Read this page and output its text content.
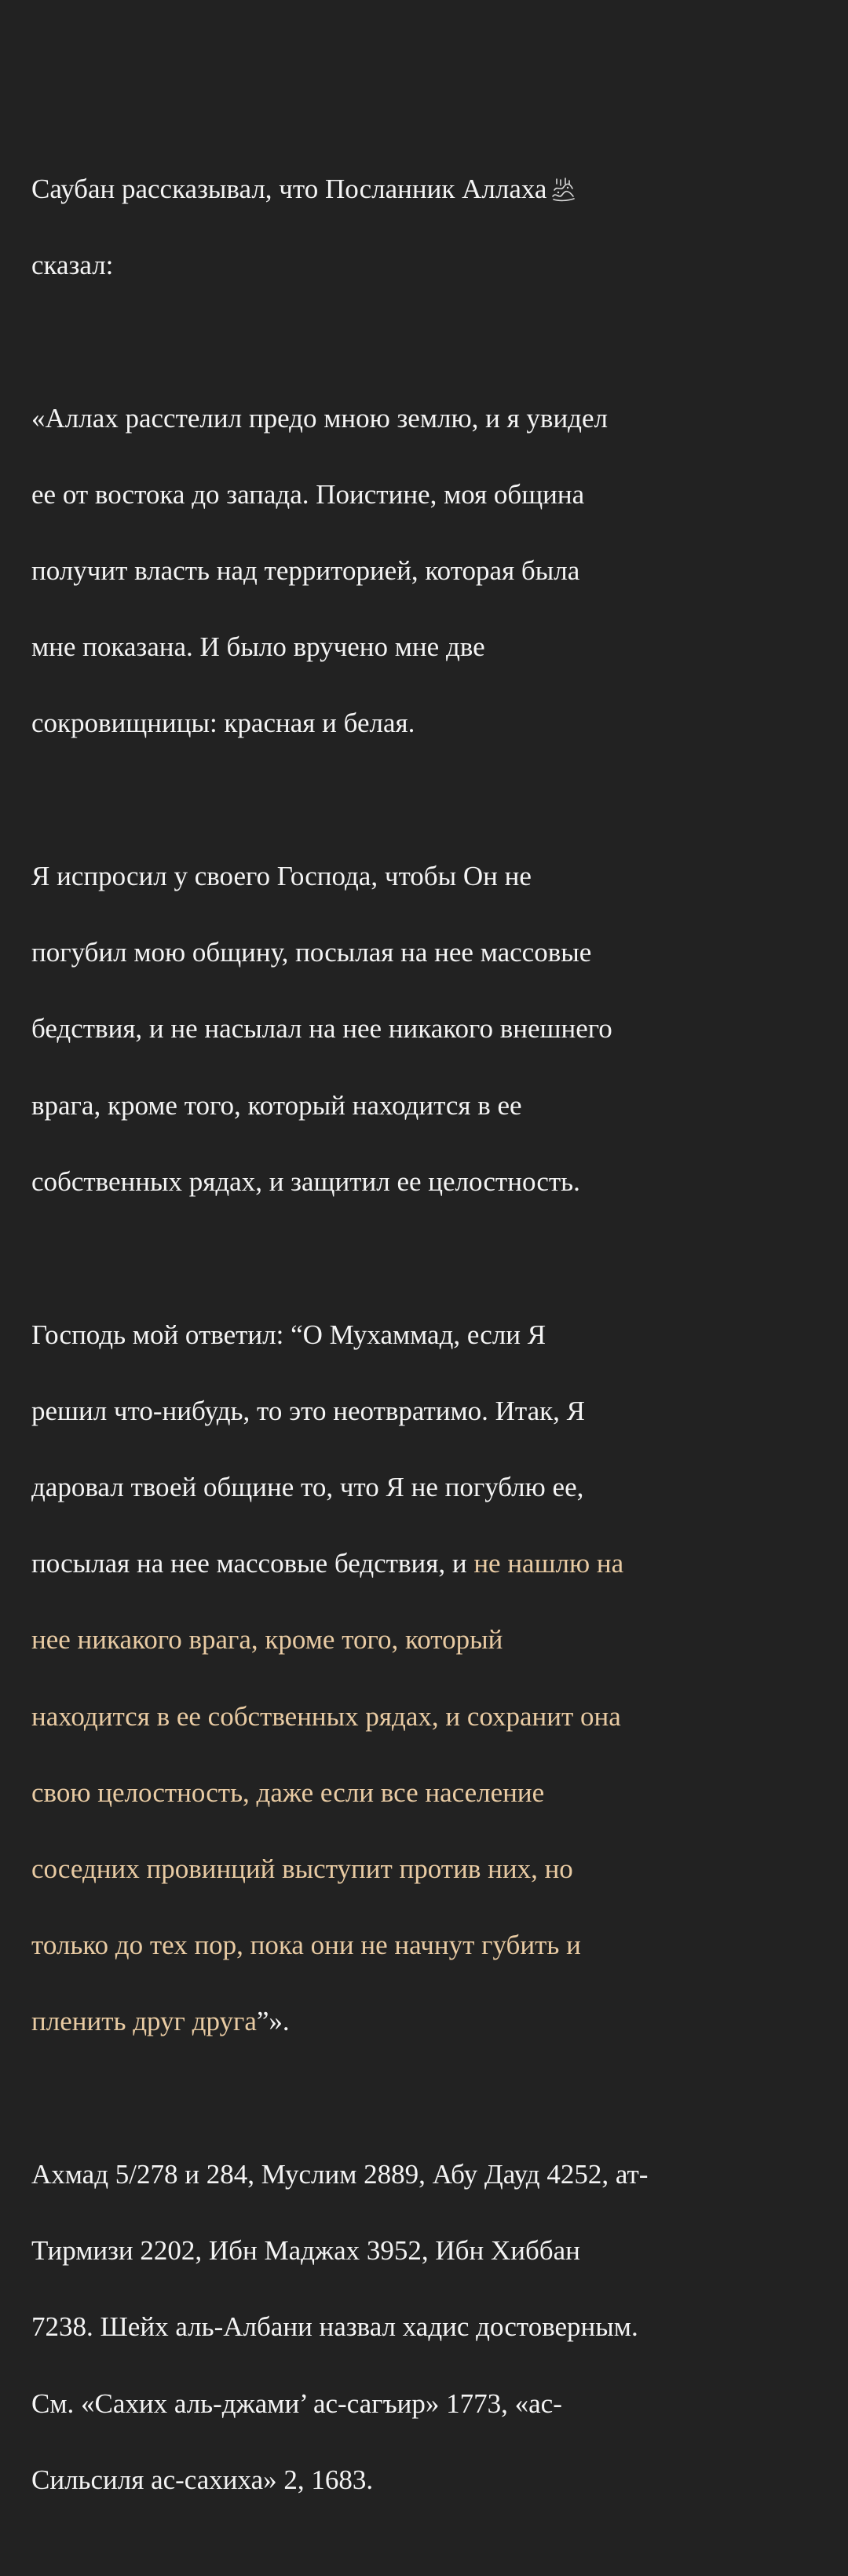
Саубан рассказывал, что Посланник Аллаха

сказал:

«Аллах расстелил предо мною землю, и я увидел

ее от востока до запада. Поистине, моя община

получит власть над территорией, которая была

мне показана. И было вручено мне две

сокровищницы: красная и белая.

Я испросил у своего Господа, чтобы Он не

погубил мою общину, посылая на нее массовые

бедствия, и не насылал на нее никакого внешнего

врага, кроме того, который находится в ее

собственных рядах, и защитил ее целостность.

Господь мой ответил: “О Мухаммад, если Я

решил что-нибудь, то это неотвратимо. Итак, Я

даровал твоей общине то, что Я не погублю ее,

посылая на нее массовые бедствия, и не нашлю на

нее никакого врага, кроме того, который

находится в ее собственных рядах, и сохранит она

свою целостность, даже если все население

соседних провинций выступит против них, но

только до тех пор, пока они не начнут губить и

пленить друг друга”».

Ахмад 5/278 и 284, Муслим 2889, Абу Дауд 4252, ат-

Тирмизи 2202, Ибн Маджах 3952, Ибн Хиббан

7238. Шейх аль-Албани назвал хадис достоверным.

См. «Сахих аль-джами’ ас-сагъир» 1773, «ас-

Сильсиля ас-сахиха» 2, 1683.
